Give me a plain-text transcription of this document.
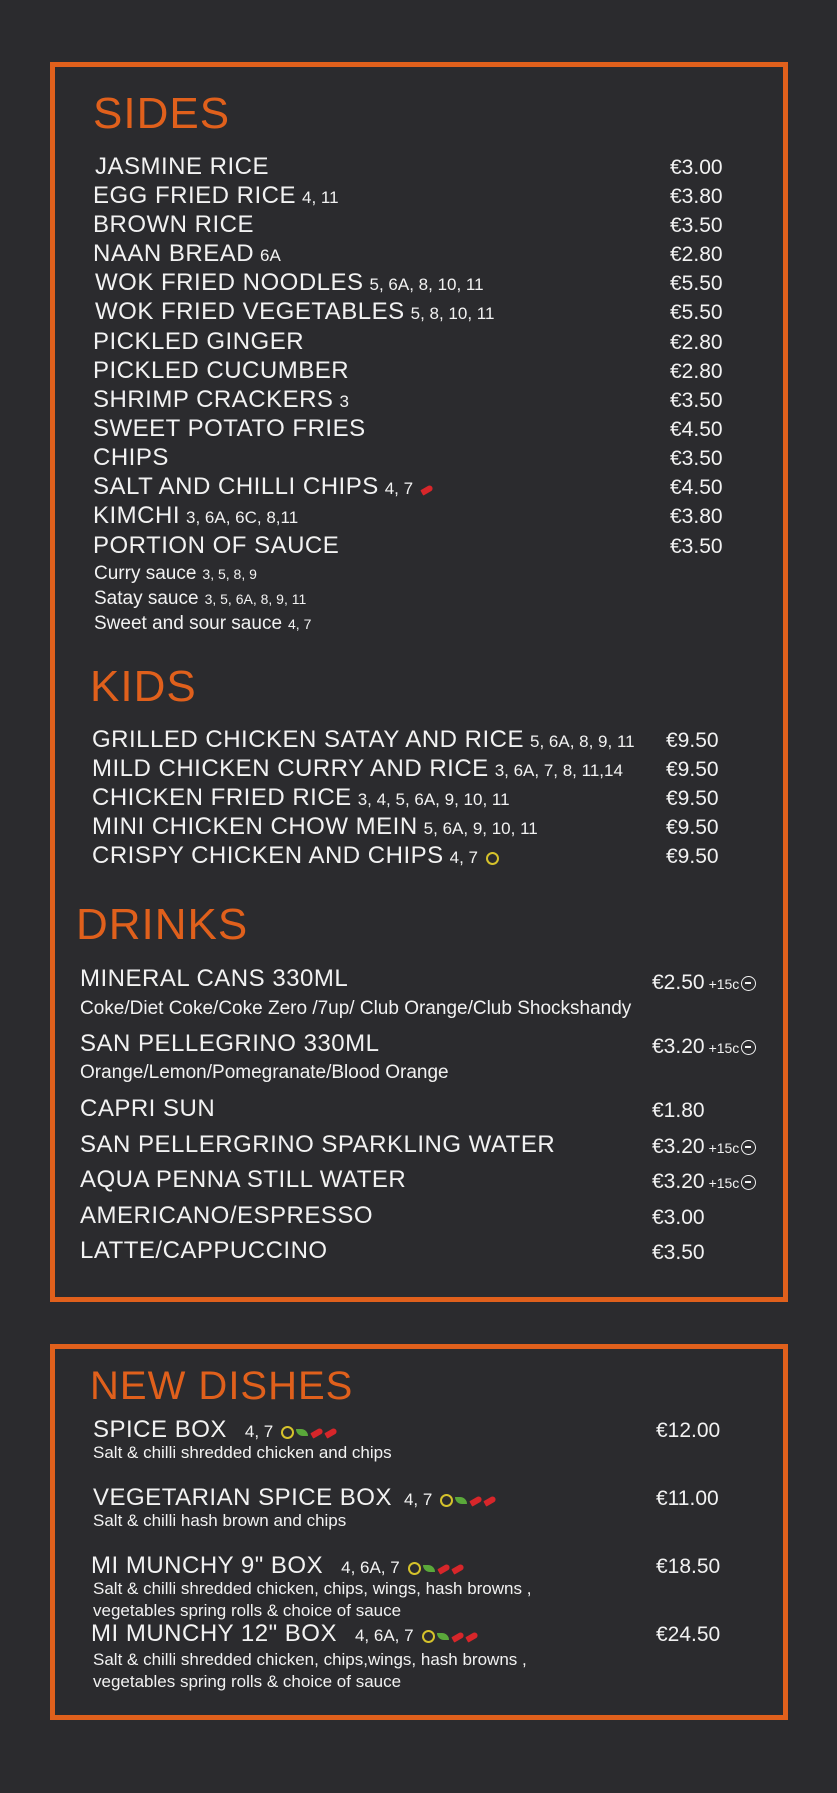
SIDES
JASMINE RICE	€3.00
EGG FRIED RICE 4, 11	€3.80
BROWN RICE	€3.50
NAAN BREAD 6A	€2.80
WOK FRIED NOODLES 5, 6A, 8, 10, 11	€5.50
WOK FRIED VEGETABLES 5, 8, 10, 11	€5.50
PICKLED GINGER	€2.80
PICKLED CUCUMBER	€2.80
SHRIMP CRACKERS 3	€3.50
SWEET POTATO FRIES	€4.50
CHIPS	€3.50
SALT AND CHILLI CHIPS 4, 7	€4.50
KIMCHI 3, 6A, 6C, 8,11	€3.80
PORTION OF SAUCE	€3.50
Curry sauce 3, 5, 8, 9
Satay sauce 3, 5, 6A, 8, 9, 11
Sweet and sour sauce 4, 7
KIDS
GRILLED CHICKEN SATAY AND RICE 5, 6A, 8, 9, 11 €9.50
MILD CHICKEN CURRY AND RICE 3, 6A, 7, 8, 11,14 €9.50
CHICKEN FRIED RICE 3, 4, 5, 6A, 9, 10, 11	€9.50
MINI CHICKEN CHOW MEIN 5, 6A, 9, 10, 11	€9.50
CRISPY CHICKEN AND CHIPS 4, 7	€9.50
DRINKS
MINERAL CANS 330ML	€2.50 +15c
Coke/Diet Coke/Coke Zero /7up/ Club Orange/Club Shockshandy
SAN PELLEGRINO 330ML	€3.20 +15c
Orange/Lemon/Pomegranate/Blood Orange
CAPRI SUN	€1.80
SAN PELLERGRINO SPARKLING WATER	€3.20 +15c
AQUA PENNA STILL WATER	€3.20 +15c
AMERICANO/ESPRESSO	€3.00
LATTE/CAPPUCCINO	€3.50
NEW DISHES
SPICE BOX 4, 7	€12.00
Salt & chilli shredded chicken and chips
VEGETARIAN SPICE BOX 4, 7	€11.00
Salt & chilli hash brown and chips
MI MUNCHY 9" BOX 4, 6A, 7	€18.50
Salt & chilli shredded chicken, chips, wings, hash browns ,
vegetables spring rolls & choice of sauce
MI MUNCHY 12" BOX 4, 6A, 7	€24.50
Salt & chilli shredded chicken, chips,wings, hash browns ,
vegetables spring rolls & choice of sauce
